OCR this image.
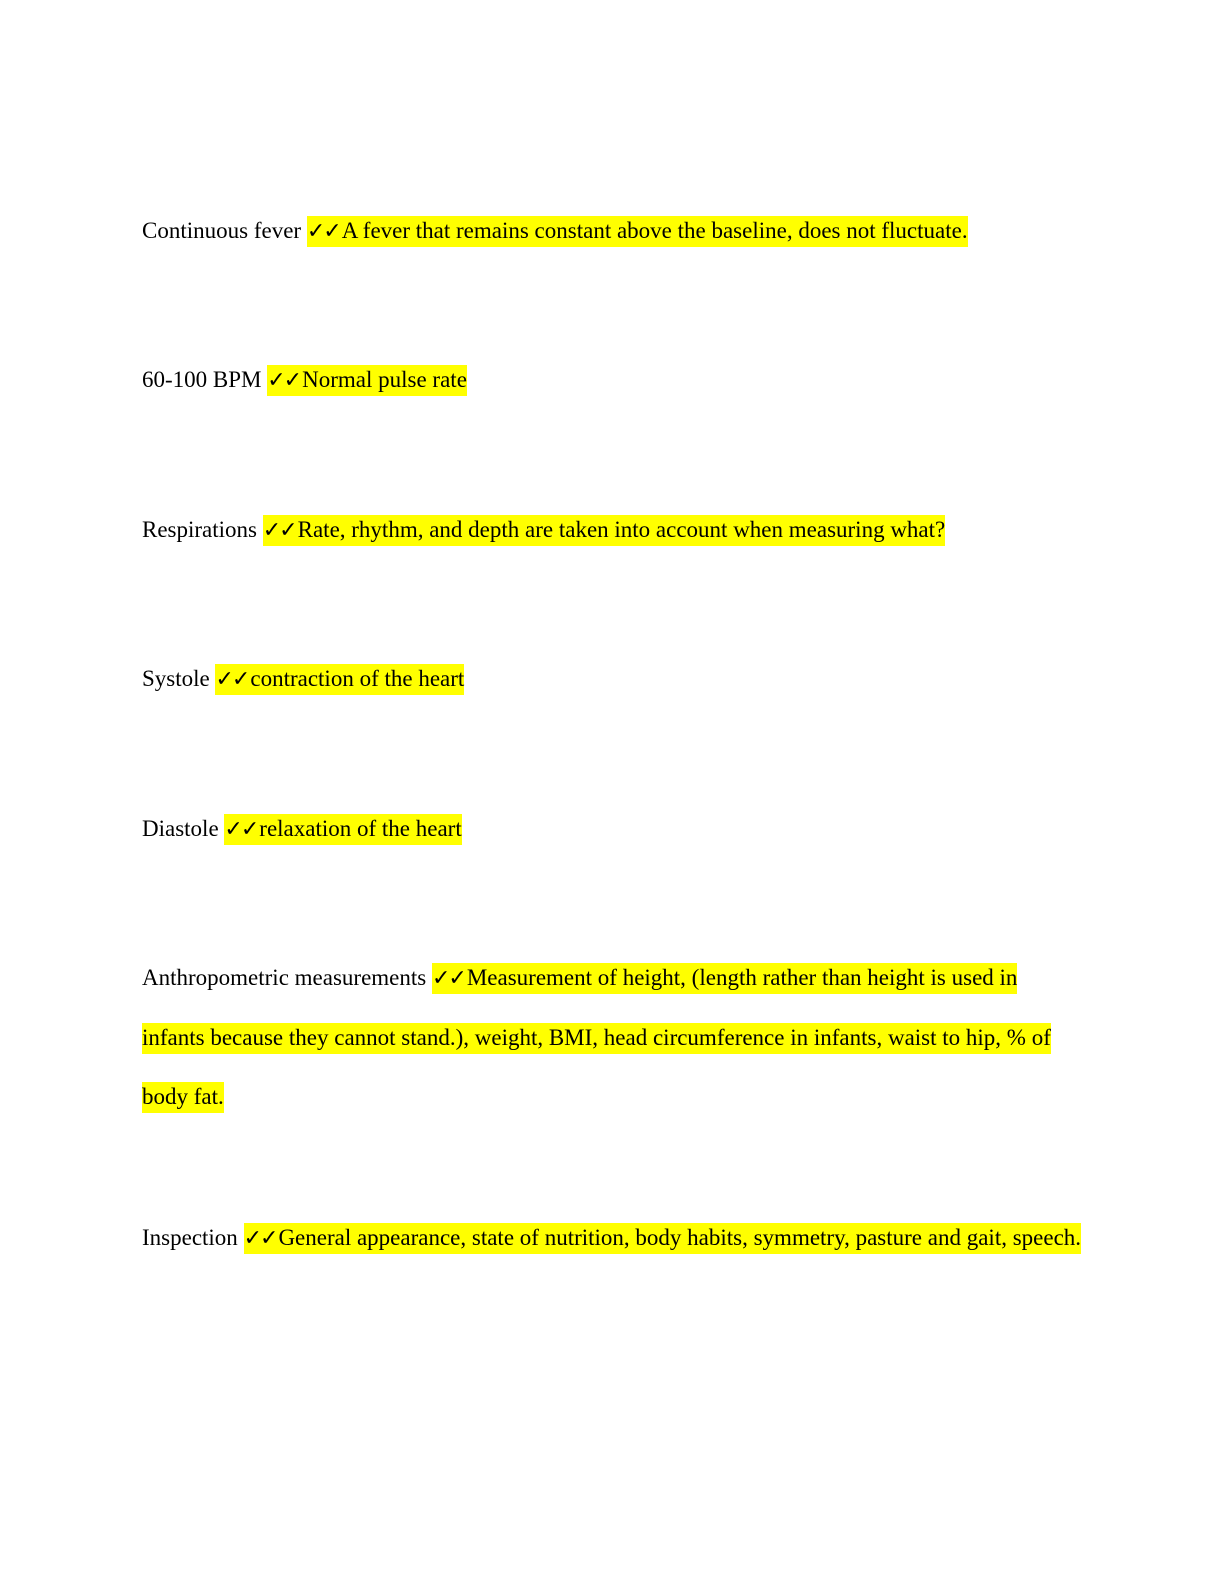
Continuous fever ✓✓A fever that remains constant above the baseline, does not fluctuate.

60-100 BPM ✓✓Normal pulse rate

Respirations ✓✓Rate, rhythm, and depth are taken into account when measuring what?

Systole ✓✓contraction of the heart

Diastole ✓✓relaxation of the heart

Anthropometric measurements ✓✓Measurement of height, (length rather than height is used in infants because they cannot stand.), weight, BMI, head circumference in infants, waist to hip, % of body fat.

Inspection ✓✓General appearance, state of nutrition, body habits, symmetry, pasture and gait, speech.
